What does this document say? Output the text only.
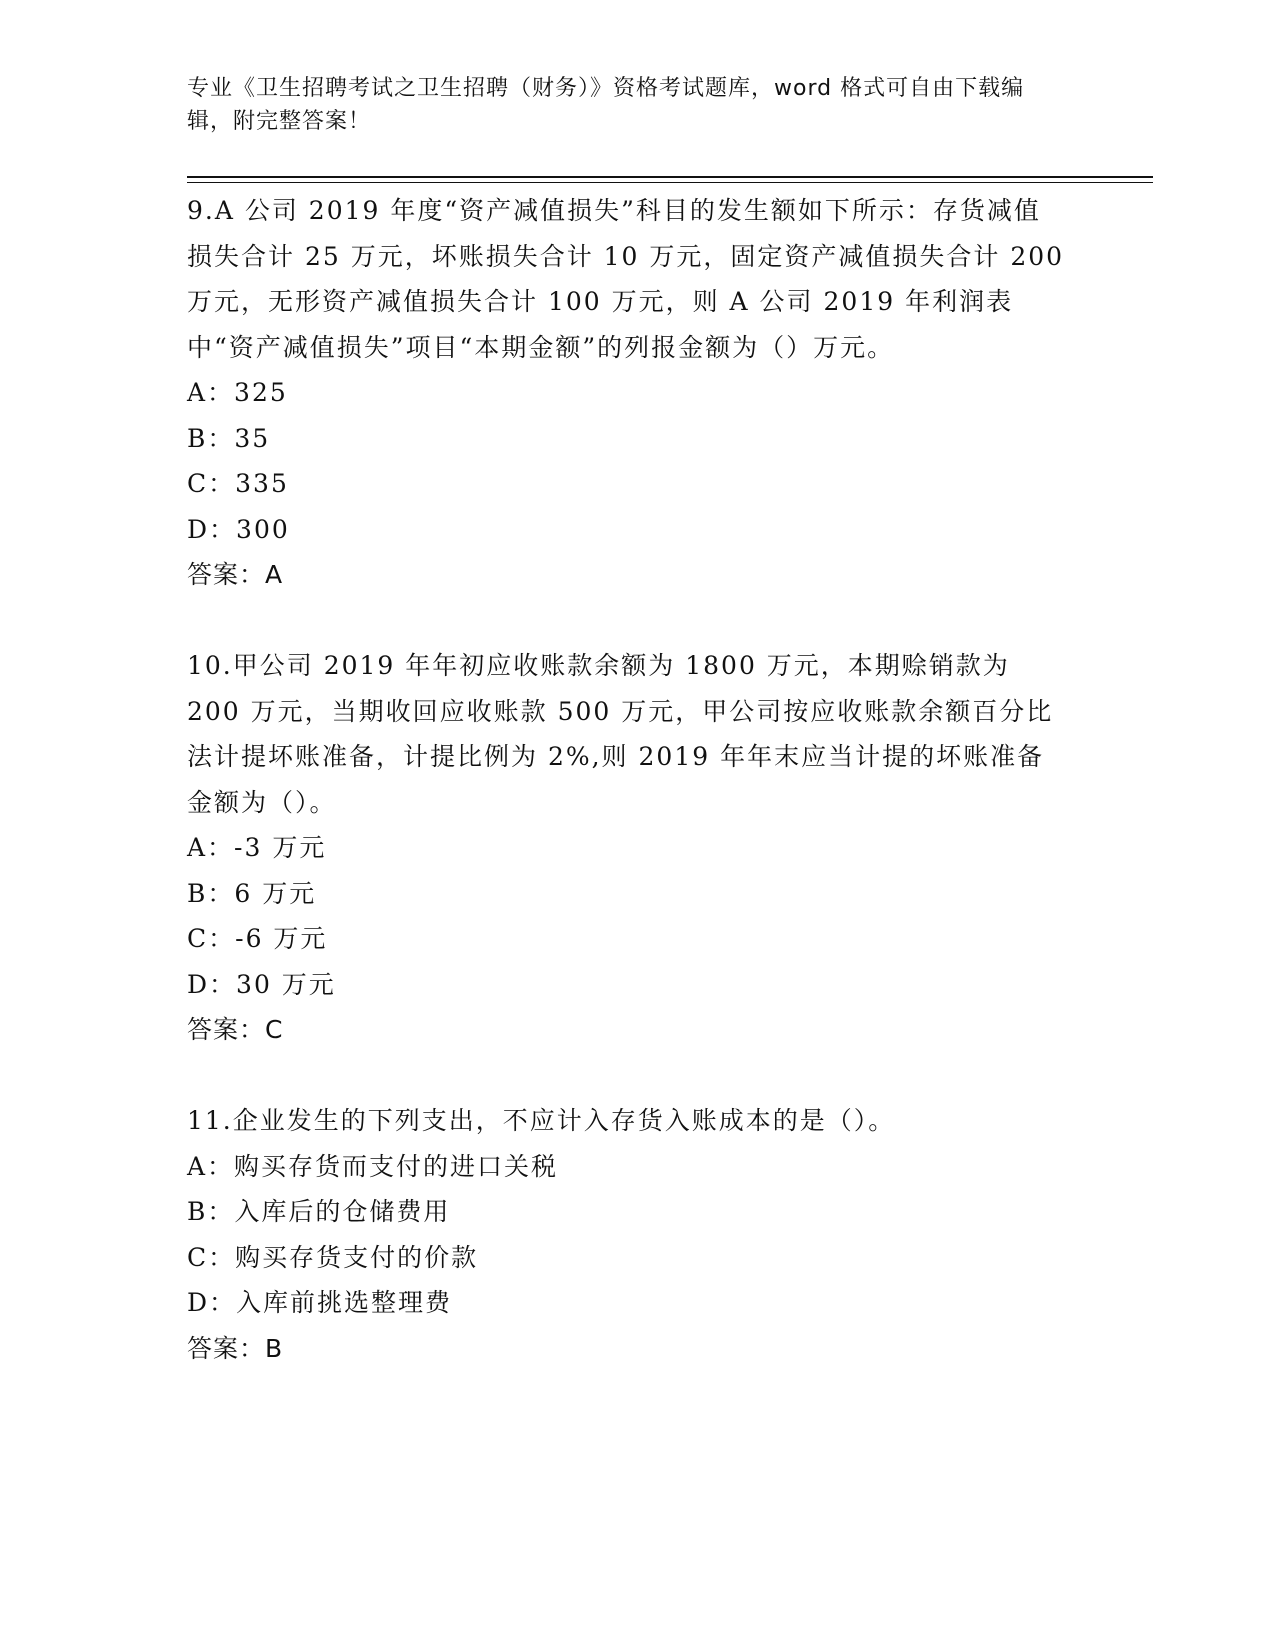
专业《卫生招聘考试之卫生招聘（财务）》资格考试题库，word 格式可自由下载编辑，附完整答案！

9.A 公司 2019 年度“资产减值损失”科目的发生额如下所示：存货减值损失合计 25 万元，坏账损失合计 10 万元，固定资产减值损失合计 200 万元，无形资产减值损失合计 100 万元，则 A 公司 2019 年利润表中“资产减值损失”项目“本期金额”的列报金额为（）万元。

A：325

B：35

C：335

D：300

答案：A

10.甲公司 2019 年年初应收账款余额为 1800 万元，本期赊销款为 200 万元，当期收回应收账款 500 万元，甲公司按应收账款余额百分比法计提坏账准备，计提比例为 2%,则 2019 年年末应当计提的坏账准备金额为（）。

A：-3 万元

B：6 万元

C：-6 万元

D：30 万元

答案：C

11.企业发生的下列支出，不应计入存货入账成本的是（）。

A：购买存货而支付的进口关税

B：入库后的仓储费用

C：购买存货支付的价款

D：入库前挑选整理费

答案：B
